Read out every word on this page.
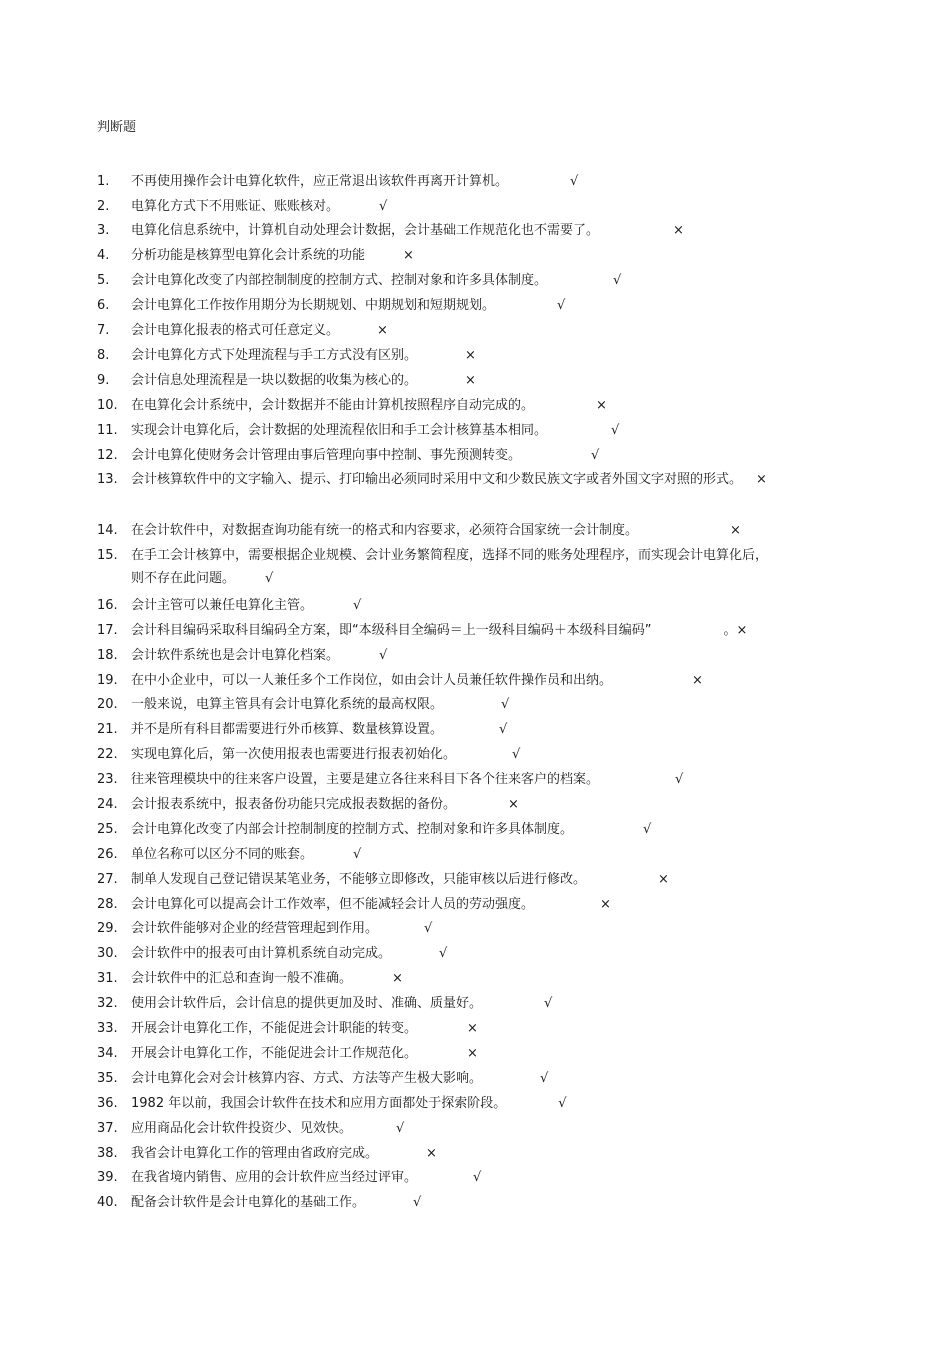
判断题
1. 不再使用操作会计电算化软件，应正常退出该软件再离开计算机。	√
2. 电算化方式下不用账证、账账核对。	√
3. 电算化信息系统中，计算机自动处理会计数据，会计基础工作规范化也不需要了。	×
4. 分析功能是核算型电算化会计系统的功能	×
5. 会计电算化改变了内部控制制度的控制方式、控制对象和许多具体制度。	√
6. 会计电算化工作按作用期分为长期规划、中期规划和短期规划。	√
7. 会计电算化报表的格式可任意定义。	×
8. 会计电算化方式下处理流程与手工方式没有区别。	×
9. 会计信息处理流程是一块以数据的收集为核心的。	×
10. 在电算化会计系统中，会计数据并不能由计算机按照程序自动完成的。	×
11. 实现会计电算化后，会计数据的处理流程依旧和手工会计核算基本相同。	√
12. 会计电算化使财务会计管理由事后管理向事中控制、事先预测转变。	√
13. 会计核算软件中的文字输入、提示、打印输出必须同时采用中文和少数民族文字或者外国文字对照的形式。 ×
14. 在会计软件中，对数据查询功能有统一的格式和内容要求，必须符合国家统一会计制度。	×
15. 在手工会计核算中，需要根据企业规模、会计业务繁简程度，选择不同的账务处理程序，而实现会计电算化后，则不存在此问题。 √
16. 会计主管可以兼任电算化主管。	√
17. 会计科目编码采取科目编码全方案，即“本级科目全编码＝上一级科目编码＋本级科目编码”	。×
18. 会计软件系统也是会计电算化档案。	√
19. 在中小企业中，可以一人兼任多个工作岗位，如由会计人员兼任软件操作员和出纳。	×
20. 一般来说，电算主管具有会计电算化系统的最高权限。	√
21. 并不是所有科目都需要进行外币核算、数量核算设置。	√
22. 实现电算化后，第一次使用报表也需要进行报表初始化。	√
23. 往来管理模块中的往来客户设置，主要是建立各往来科目下各个往来客户的档案。	√
24. 会计报表系统中，报表备份功能只完成报表数据的备份。	×
25. 会计电算化改变了内部会计控制制度的控制方式、控制对象和许多具体制度。	√
26. 单位名称可以区分不同的账套。	√
27. 制单人发现自己登记错误某笔业务，不能够立即修改，只能审核以后进行修改。	×
28. 会计电算化可以提高会计工作效率，但不能减轻会计人员的劳动强度。	×
29. 会计软件能够对企业的经营管理起到作用。	√
30. 会计软件中的报表可由计算机系统自动完成。	√
31. 会计软件中的汇总和查询一般不准确。	×
32. 使用会计软件后，会计信息的提供更加及时、准确、质量好。	√
33. 开展会计电算化工作，不能促进会计职能的转变。	×
34. 开展会计电算化工作，不能促进会计工作规范化。	×
35. 会计电算化会对会计核算内容、方式、方法等产生极大影响。	√
36. 1982 年以前，我国会计软件在技术和应用方面都处于探索阶段。	√
37. 应用商品化会计软件投资少、见效快。	√
38. 我省会计电算化工作的管理由省政府完成。	×
39. 在我省境内销售、应用的会计软件应当经过评审。	√
40. 配备会计软件是会计电算化的基础工作。	√
